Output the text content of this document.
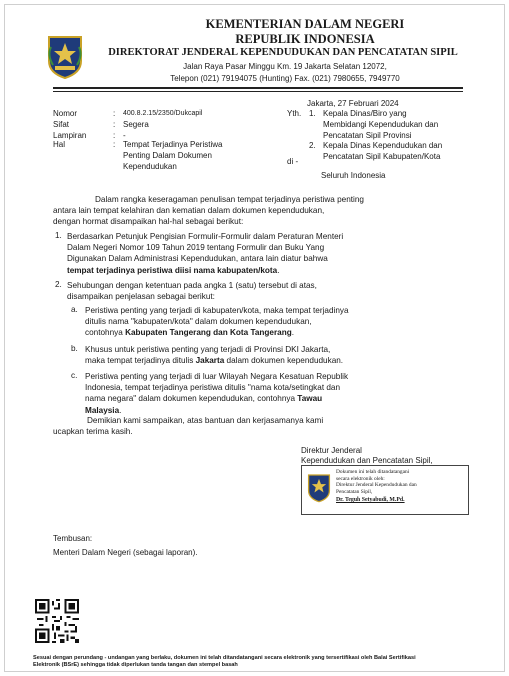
KEMENTERIAN DALAM NEGERI
REPUBLIK INDONESIA
DIREKTORAT JENDERAL KEPENDUDUKAN DAN PENCATATAN SIPIL
Jalan Raya Pasar Minggu Km. 19 Jakarta Selatan 12072,
Telepon (021) 79194075 (Hunting) Fax. (021) 7980655, 7949770
Jakarta, 27 Februari 2024
Nomor	:	400.8.2.15/2350/Dukcapil
Sifat	: Segera
Lampiran	: -
Hal	: Tempat Terjadinya Peristiwa
Penting Dalam Dokumen
Kependudukan
Yth. 1. Kepala Dinas/Biro yang
Membidangi Kependudukan dan
Pencatatan Sipil Provinsi
2. Kepala Dinas Kependudukan dan
Pencatatan Sipil Kabupaten/Kota
di -
Seluruh Indonesia
Dalam rangka keseragaman penulisan tempat terjadinya peristiwa penting
antara lain tempat kelahiran dan kematian dalam dokumen kependudukan,
dengan hormat disampaikan hal-hal sebagai berikut:
1. Berdasarkan Petunjuk Pengisian Formulir-Formulir dalam Peraturan Menteri
Dalam Negeri Nomor 109 Tahun 2019 tentang Formulir dan Buku Yang
Digunakan Dalam Administrasi Kependudukan, antara lain diatur bahwa
tempat terjadinya peristiwa diisi nama kabupaten/kota.
2. Sehubungan dengan ketentuan pada angka 1 (satu) tersebut di atas,
disampaikan penjelasan sebagai berikut:
a. Peristiwa penting yang terjadi di kabupaten/kota, maka tempat terjadinya
ditulis nama "kabupaten/kota" dalam dokumen kependudukan,
contohnya Kabupaten Tangerang dan Kota Tangerang.
b. Khusus untuk peristiwa penting yang terjadi di Provinsi DKI Jakarta,
maka tempat terjadinya ditulis Jakarta dalam dokumen kependudukan.
c. Peristiwa penting yang terjadi di luar Wilayah Negara Kesatuan Republik
Indonesia, tempat terjadinya peristiwa ditulis "nama kota/setingkat dan
nama negara" dalam dokumen kependudukan, contohnya Tawau
Malaysia.
Demikian kami sampaikan, atas bantuan dan kerjasamanya kami
ucapkan terima kasih.
Direktur Jenderal
Kependudukan dan Pencatatan Sipil,
Dokumen ini telah ditandatangani
secara elektronik oleh:
Direktur Jenderal Kependudukan dan
Pencatatan Sipil,
Dr. Teguh Setyabudi, M.Pd.
Tembusan:
Menteri Dalam Negeri (sebagai laporan).
Sesuai dengan perundang - undangan yang berlaku, dokumen ini telah ditandatangani secara elektronik yang tersertifikasi oleh Balai Sertifikasi
Elektronik (BSrE) sehingga tidak diperlukan tanda tangan dan stempel basah
